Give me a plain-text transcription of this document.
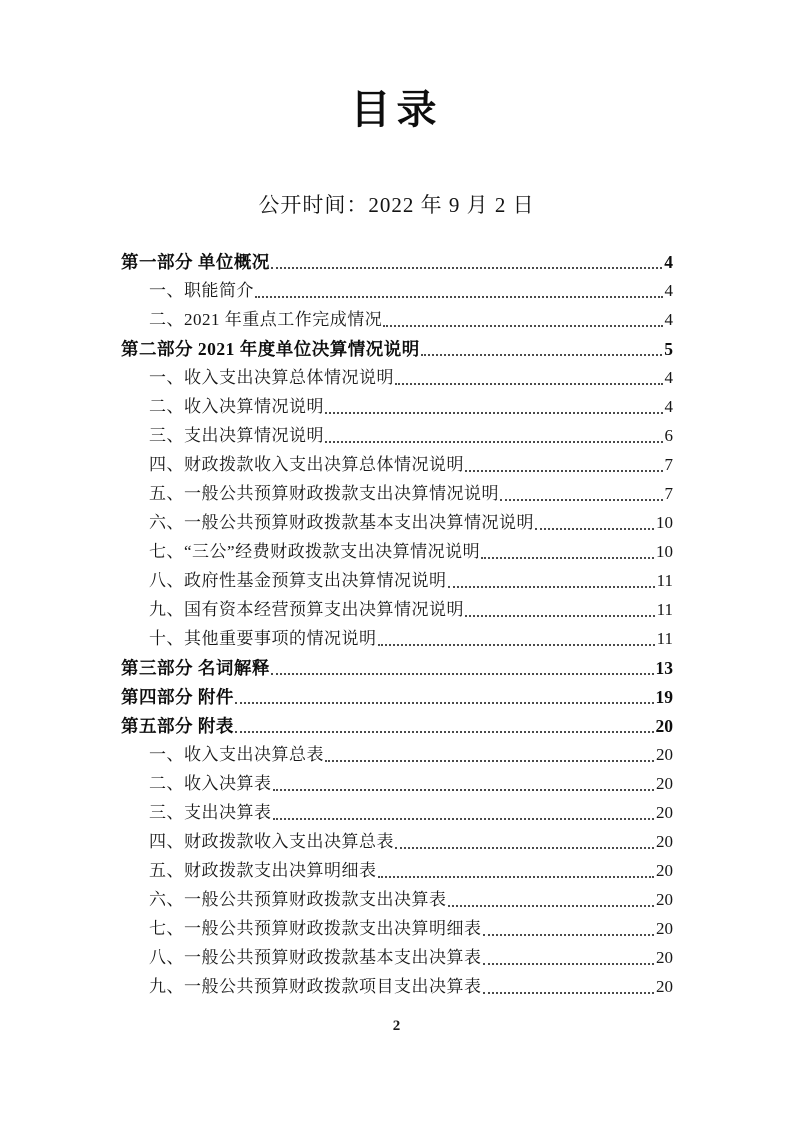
目录

公开时间：2022 年 9 月 2 日

第一部分 单位概况	4
一、职能简介	4
二、2021 年重点工作完成情况	4
第二部分 2021 年度单位决算情况说明	5
一、收入支出决算总体情况说明	4
二、收入决算情况说明	4
三、支出决算情况说明	6
四、财政拨款收入支出决算总体情况说明	7
五、一般公共预算财政拨款支出决算情况说明	7
六、一般公共预算财政拨款基本支出决算情况说明	10
七、“三公”经费财政拨款支出决算情况说明	10
八、政府性基金预算支出决算情况说明	11
九、国有资本经营预算支出决算情况说明	11
十、其他重要事项的情况说明	11
第三部分 名词解释	13
第四部分 附件	19
第五部分 附表	20
一、收入支出决算总表	20
二、收入决算表	20
三、支出决算表	20
四、财政拨款收入支出决算总表	20
五、财政拨款支出决算明细表	20
六、一般公共预算财政拨款支出决算表	20
七、一般公共预算财政拨款支出决算明细表	20
八、一般公共预算财政拨款基本支出决算表	20
九、一般公共预算财政拨款项目支出决算表	20
2
